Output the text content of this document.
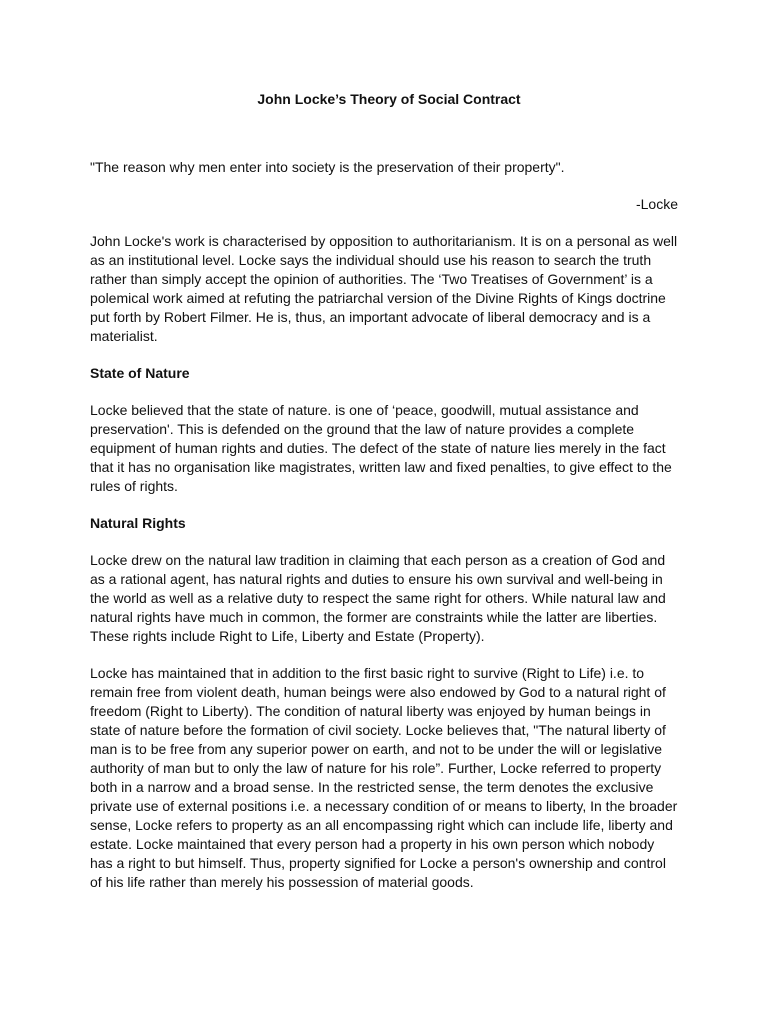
John Locke’s Theory of Social Contract

"The reason why men enter into society is the preservation of their property".

-Locke

John Locke's work is characterised by opposition to authoritarianism. It is on a personal as well as an institutional level. Locke says the individual should use his reason to search the truth rather than simply accept the opinion of authorities. The ‘Two Treatises of Government’ is a polemical work aimed at refuting the patriarchal version of the Divine Rights of Kings doctrine put forth by Robert Filmer. He is, thus, an important advocate of liberal democracy and is a materialist.

State of Nature

Locke believed that the state of nature. is one of ‘peace, goodwill, mutual assistance and preservation'. This is defended on the ground that the law of nature provides a complete equipment of human rights and duties. The defect of the state of nature lies merely in the fact that it has no organisation like magistrates, written law and fixed penalties, to give effect to the rules of rights.

Natural Rights

Locke drew on the natural law tradition in claiming that each person as a creation of God and as a rational agent, has natural rights and duties to ensure his own survival and well-being in the world as well as a relative duty to respect the same right for others. While natural law and natural rights have much in common, the former are constraints while the latter are liberties. These rights include Right to Life, Liberty and Estate (Property).

Locke has maintained that in addition to the first basic right to survive (Right to Life) i.e. to remain free from violent death, human beings were also endowed by God to a natural right of freedom (Right to Liberty). The condition of natural liberty was enjoyed by human beings in state of nature before the formation of civil society. Locke believes that, "The natural liberty of man is to be free from any superior power on earth, and not to be under the will or legislative authority of man but to only the law of nature for his role”. Further, Locke referred to property both in a narrow and a broad sense. In the restricted sense, the term denotes the exclusive private use of external positions i.e. a necessary condition of or means to liberty, In the broader sense, Locke refers to property as an all encompassing right which can include life, liberty and estate. Locke maintained that every person had a property in his own person which nobody has a right to but himself. Thus, property signified for Locke a person's ownership and control of his life rather than merely his possession of material goods.
